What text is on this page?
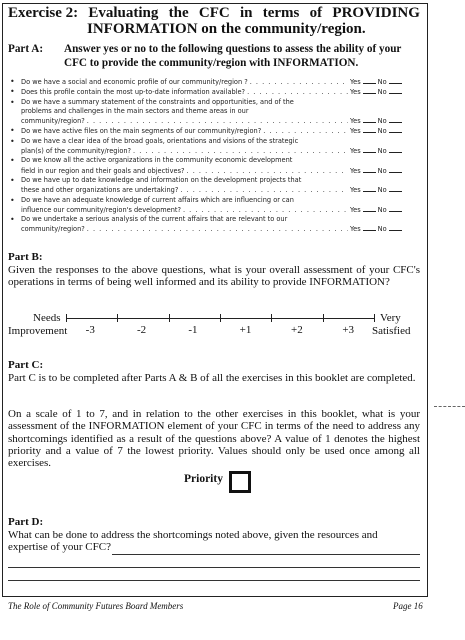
Exercise 2: Evaluating the CFC in terms of PROVIDING
INFORMATION on the community/region.
Part A:	Answer yes or no to the following questions to assess the ability of your CFC to provide the community/region with INFORMATION.
• Do we have a social and economic profile of our community/region ? . . .	Yes	No
• Does this profile contain the most up-to-date information available? . . .	Yes	No
• Do we have a summary statement of the constraints and opportunities, and of the
problems and challenges in the main sectors and theme areas in our
community/region? . . .	Yes	No
• Do we have active files on the main segments of our community/region? . . .	Yes	No
• Do we have a clear idea of the broad goals, orientations and visions of the strategic
plan(s) of the community/region? . . .	Yes	No
• Do we know all the active organizations in the community economic development
field in our region and their goals and objectives? . . .	Yes	No
• Do we have up to date knowledge and information on the development projects that
these and other organizations are undertaking? . . .	Yes	No
• Do we have an adequate knowledge of current affairs which are influencing or can
influence our community/region's development? . . .	Yes	No
• Do we undertake a serious analysis of the current affairs that are relevant to our
community/region? . . .	Yes	No
Part B:
Given the responses to the above questions, what is your overall assessment of your CFC's operations in terms of being well informed and its ability to provide INFORMATION?
Needs
Improvement
Very
Satisfied
-3	-2	-1	+1	+2	+3
Part C:
Part C is to be completed after Parts A & B of all the exercises in this booklet are completed.
On a scale of 1 to 7, and in relation to the other exercises in this booklet, what is your assessment of the INFORMATION element of your CFC in terms of the need to address any shortcomings identified as a result of the questions above? A value of 1 denotes the highest priority and a value of 7 the lowest priority. Values should only be used once among all exercises.
Priority
Part D:
What can be done to address the shortcomings noted above, given the resources and expertise of your CFC?
The Role of Community Futures Board Members	Page 16
